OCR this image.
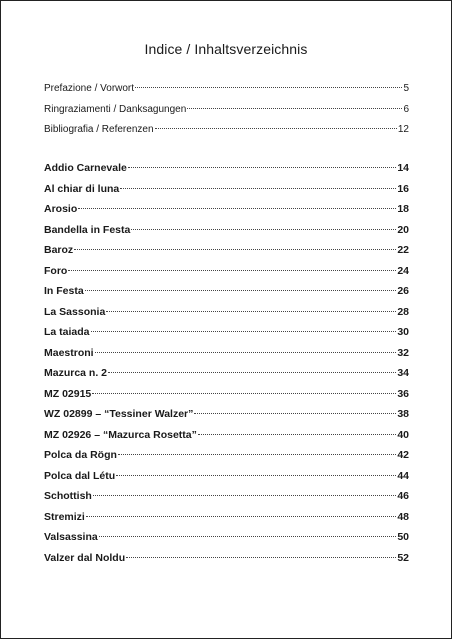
Indice / Inhaltsverzeichnis
Prefazione / Vorwort	5
Ringraziamenti / Danksagungen	6
Bibliografia / Referenzen	12
Addio Carnevale	14
Al chiar di luna	16
Arosio	18
Bandella in Festa	20
Baroz	22
Foro	24
In Festa	26
La Sassonia	28
La taiada	30
Maestroni	32
Mazurca n. 2	34
MZ 02915	36
WZ 02899 – “Tessiner Walzer”	38
MZ 02926 – “Mazurca Rosetta”	40
Polca da Rögn	42
Polca dal Létu	44
Schottish	46
Stremizi	48
Valsassina	50
Valzer dal Noldu	52
